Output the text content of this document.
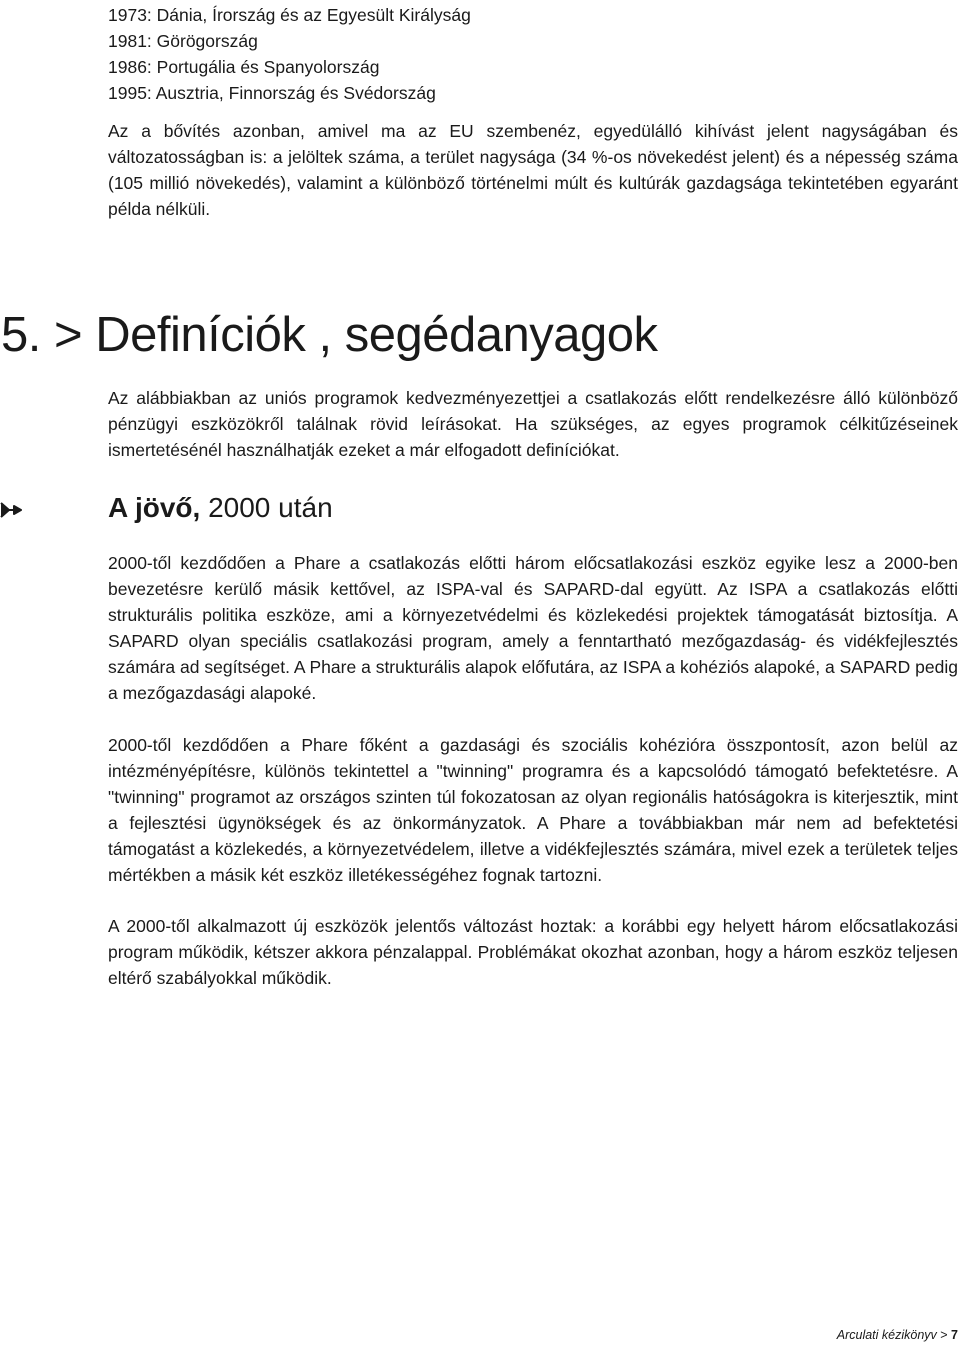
1973: Dánia, Írország és az Egyesült Királyság
1981: Görögország
1986: Portugália és Spanyolország
1995: Ausztria, Finnország és Svédország

Az a bővítés azonban, amivel ma az EU szembenéz, egyedülálló kihívást jelent nagyságában és változatosságban is: a jelöltek száma, a terület nagysága (34 %-os növekedést jelent) és a népesség száma (105 millió növekedés), valamint a különböző történelmi múlt és kultúrák gazdagsága tekintetében egyaránt példa nélküli.

5. > Definíciók , segédanyagok

Az alábbiakban az uniós programok kedvezményezettjei a csatlakozás előtt rendelkezésre álló különböző pénzügyi eszközökről találnak rövid leírásokat. Ha szükséges, az egyes programok célkitűzéseinek ismertetésénél használhatják ezeket a már elfogadott definíciókat.

A jövő, 2000 után

2000-től kezdődően a Phare a csatlakozás előtti három előcsatlakozási eszköz egyike lesz a 2000-ben bevezetésre kerülő másik kettővel, az ISPA-val és SAPARD-dal együtt. Az ISPA a csatlakozás előtti strukturális politika eszköze, ami a környezetvédelmi és közlekedési projektek támogatását biztosítja. A SAPARD olyan speciális csatlakozási program, amely a fenntartható mezőgazdaság- és vidékfejlesztés számára ad segítséget. A Phare a strukturális alapok előfutára, az ISPA a kohéziós alapoké, a SAPARD pedig a mezőgazdasági alapoké.

2000-től kezdődően a Phare főként a gazdasági és szociális kohézióra összpontosít, azon belül az intézményépítésre, különös tekintettel a "twinning" programra és a kapcsolódó támogató befektetésre. A "twinning" programot az országos szinten túl fokozatosan az olyan regionális hatóságokra is kiterjesztik, mint a fejlesztési ügynökségek és az önkormányzatok. A Phare a továbbiakban már nem ad befektetési támogatást a közlekedés, a környezetvédelem, illetve a vidékfejlesztés számára, mivel ezek a területek teljes mértékben a másik két eszköz illetékességéhez fognak tartozni.

A 2000-től alkalmazott új eszközök jelentős változást hoztak: a korábbi egy helyett három előcsatlakozási program működik, kétszer akkora pénzalappal. Problémákat okozhat azonban, hogy a három eszköz teljesen eltérő szabályokkal működik.

Arculati kézikönyv > 7
